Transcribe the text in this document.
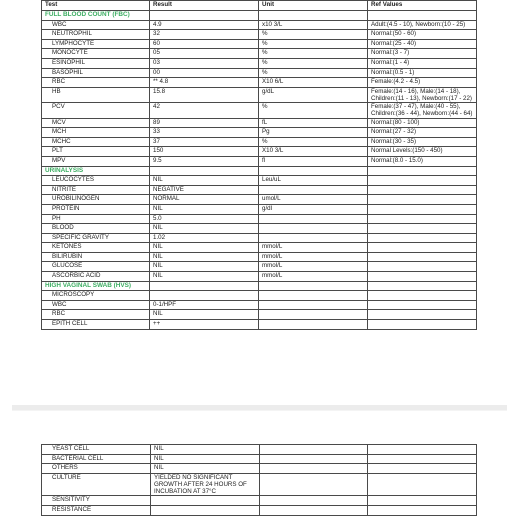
Test	Result	Unit	Ref Values
FULL BLOOD COUNT (FBC)			
WBC	4.9	x10 3/L	Adult:(4.5 - 10), Newborn:(10 - 25)
NEUTROPHIL	32	%	Normal:(50 - 60)
LYMPHOCYTE	60	%	Normal:(25 - 40)
MONOCYTE	05	%	Normal:(3 - 7)
ESINOPHIL	03	%	Normal:(1 - 4)
BASOPHIL	00	%	Normal:(0.5 - 1)
RBC	** 4.8	X10 6/L	Female:(4.2 - 4.5)
HB	15.8	g/dL	Female:(14 - 16), Male:(14 - 18), Children:(11 - 13), Newborn:(17 - 22)
PCV	42	%	Female:(37 - 47), Male:(40 - 55), Children:(36 - 44), Newborn:(44 - 64)
MCV	89	fL	Normal:(80 - 100)
MCH	33	Pg	Normal:(27 - 32)
MCHC	37	%	Normal:(30 - 35)
PLT	150	X10 3/L	Normal Levels:(150 - 450)
MPV	9.5	fl	Normal:(8.0 - 15.0)
URINALYSIS			
LEUCOCYTES	NIL	Leu/uL	
NITRITE	NEGATIVE		
UROBILINOGEN	NORMAL	umol/L	
PROTEIN	NIL	g/dl	
PH	5.0		
BLOOD	NIL		
SPECIFIC GRAVITY	1.02		
KETONES	NIL	mmol/L	
BILIRUBIN	NIL	mmol/L	
GLUCOSE	NIL	mmol/L	
ASCORBIC ACID	NIL	mmol/L	
HIGH VAGINAL SWAB (HVS)			
MICROSCOPY			
WBC	0-1/HPF		
RBC	NIL		
EPITH CELL	++		
YEAST CELL	NIL		
BACTERIAL CELL	NIL		
OTHERS	NIL		
CULTURE	YIELDED NO SIGNIFICANT GROWTH AFTER 24 HOURS OF INCUBATION AT 37°C		
SENSITIVITY			
RESISTANCE			
